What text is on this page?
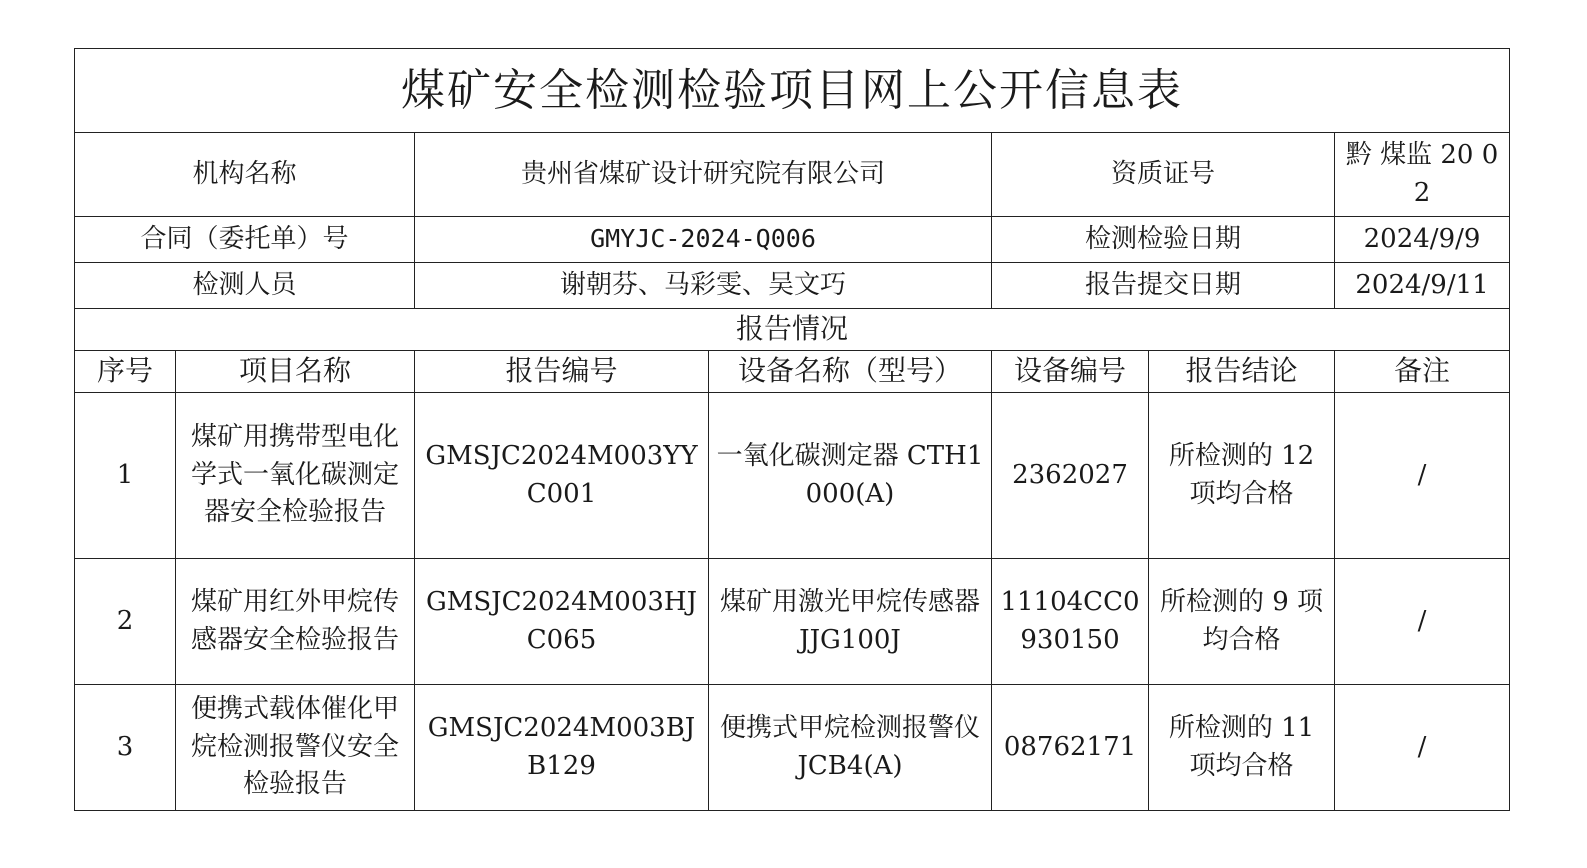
煤矿安全检测检验项目网上公开信息表						
机构名称		贵州省煤矿设计研究院有限公司		资质证号		黔 煤监 20 02
合同（委托单）号		GMYJC-2024-Q006		检测检验日期		2024/9/9
检测人员		谢朝芬、马彩雯、吴文巧		报告提交日期		2024/9/11
报告情况						
序号	项目名称	报告编号	设备名称（型号）	设备编号	报告结论	备注
1	煤矿用携带型电化学式一氧化碳测定器安全检验报告	GMSJC2024M003YYC001	一氧化碳测定器 CTH1000(A)	2362027	所检测的 12 项均合格	/
2	煤矿用红外甲烷传感器安全检验报告	GMSJC2024M003HJC065	煤矿用激光甲烷传感器 JJG100J	11104CC0930150	所检测的 9 项均合格	/
3	便携式载体催化甲烷检测报警仪安全检验报告	GMSJC2024M003BJB129	便携式甲烷检测报警仪 JCB4(A)	08762171	所检测的 11 项均合格	/
